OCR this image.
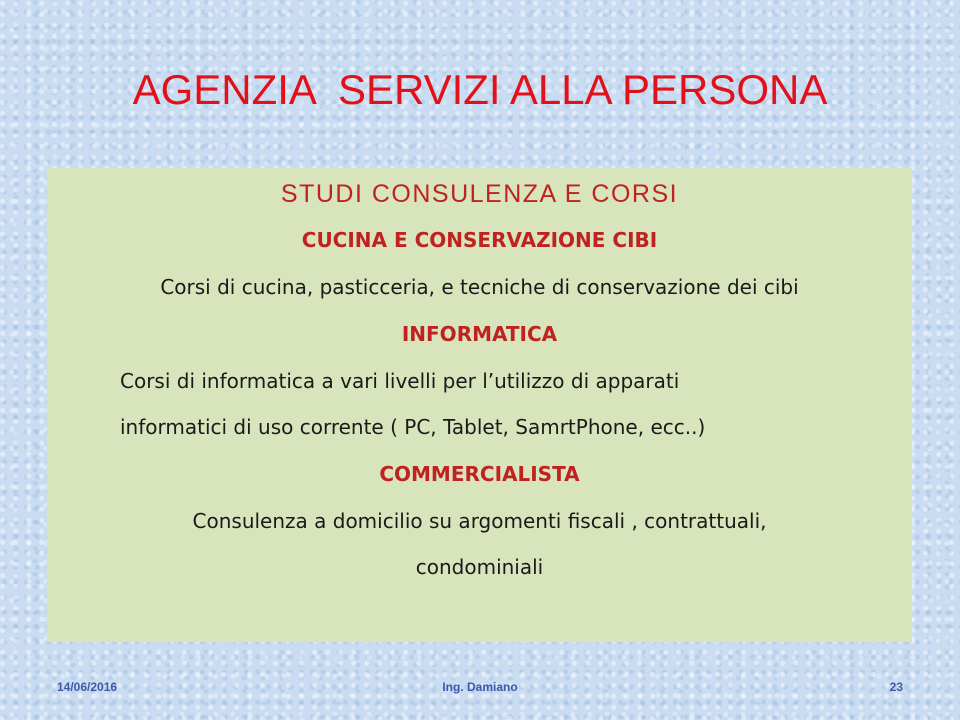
AGENZIA  SERVIZI ALLA PERSONA
STUDI CONSULENZA E CORSI
CUCINA E CONSERVAZIONE CIBI
Corsi di cucina, pasticceria, e tecniche di conservazione dei cibi
INFORMATICA
Corsi di informatica a vari livelli per l’utilizzo di apparati
informatici di uso corrente ( PC, Tablet, SamrtPhone, ecc..)
COMMERCIALISTA
Consulenza a domicilio su argomenti fiscali , contrattuali,
condominiali
14/06/2016	Ing. Damiano	23
